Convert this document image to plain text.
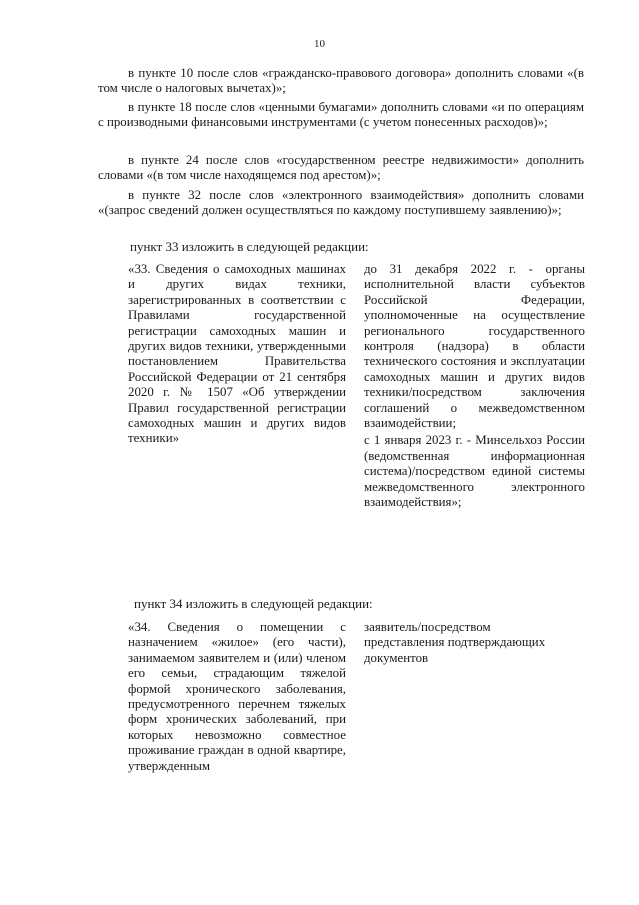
10

в пункте 10 после слов «гражданско-правового договора» дополнить словами «(в том числе о налоговых вычетах)»;

в пункте 18 после слов «ценными бумагами» дополнить словами «и по операциям с производными финансовыми инструментами (с учетом понесенных расходов)»;

в пункте 24 после слов «государственном реестре недвижимости» дополнить словами «(в том числе находящемся под арестом)»;

в пункте 32 после слов «электронного взаимодействия» дополнить словами «(запрос сведений должен осуществляться по каждому поступившему заявлению)»;

пункт 33 изложить в следующей редакции:

«33. Сведения о самоходных машинах и других видах техники, зарегистрированных в соответствии с Правилами государственной регистрации самоходных машин и других видов техники, утвержденными постановлением Правительства Российской Федерации от 21 сентября 2020 г. № 1507 «Об утверждении Правил государственной регистрации самоходных машин и других видов техники»

до 31 декабря 2022 г. - органы исполнительной власти субъектов Российской Федерации, уполномоченные на осуществление регионального государственного контроля (надзора) в области технического состояния и эксплуатации самоходных машин и других видов техники/посредством заключения соглашений о межведомственном взаимодействии;

с 1 января 2023 г. - Минсельхоз России (ведомственная информационная система)/посредством единой системы межведомственного электронного взаимодействия»;

пункт 34 изложить в следующей редакции:

«34. Сведения о помещении с назначением «жилое» (его части), занимаемом заявителем и (или) членом его семьи, страдающим тяжелой формой хронического заболевания, предусмотренного перечнем тяжелых форм хронических заболеваний, при которых невозможно совместное проживание граждан в одной квартире, утвержденным

заявитель/посредством представления подтверждающих документов
